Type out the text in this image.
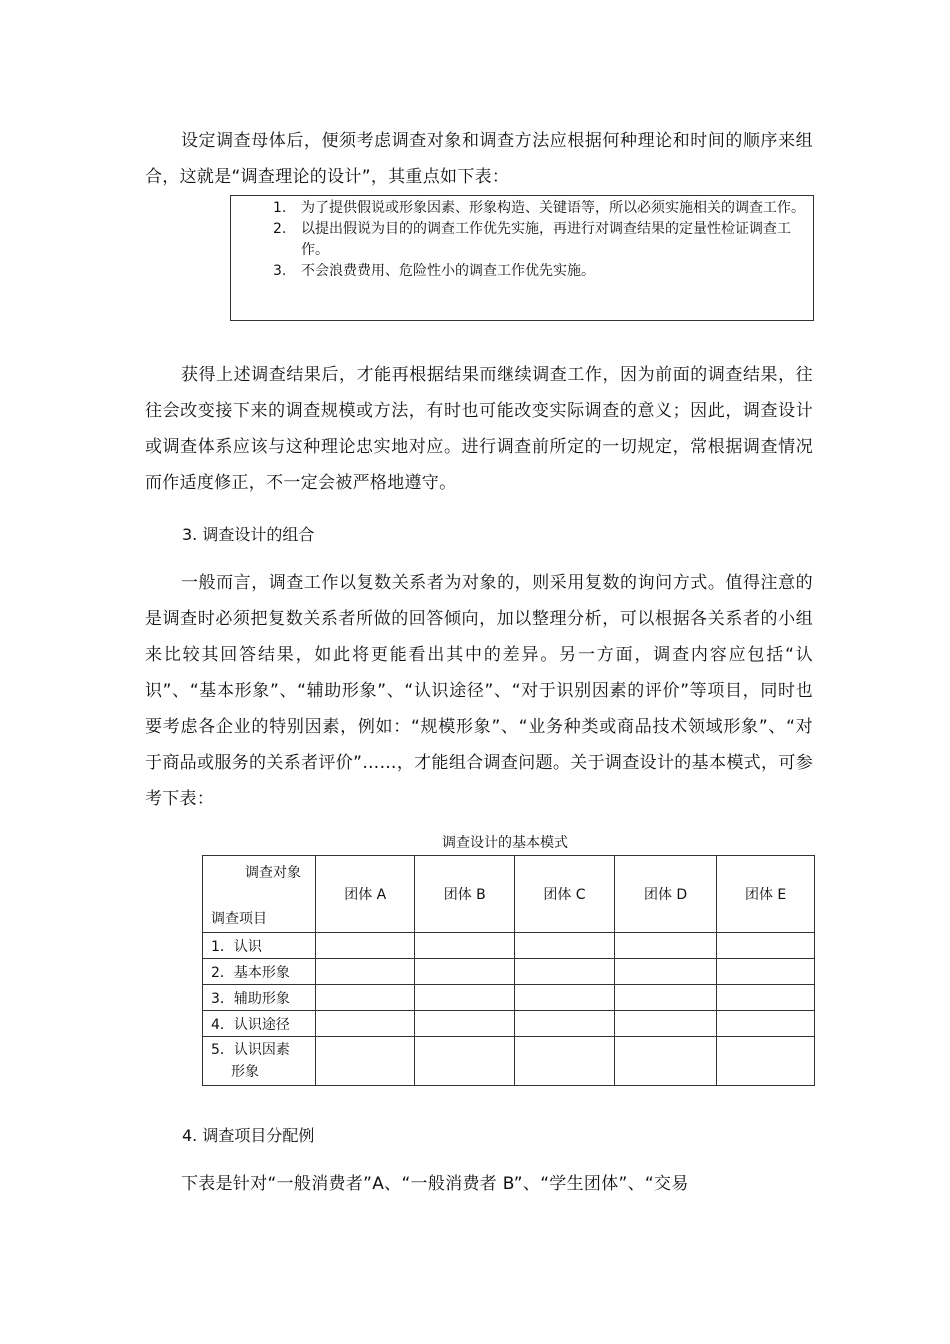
设定调查母体后，便须考虑调查对象和调查方法应根据何种理论和时间的顺序来组合，这就是“调查理论的设计”，其重点如下表：

1. 为了提供假说或形象因素、形象构造、关键语等，所以必须实施相关的调查工作。
2. 以提出假说为目的的调查工作优先实施，再进行对调查结果的定量性检证调查工作。
3. 不会浪费费用、危险性小的调查工作优先实施。

获得上述调查结果后，才能再根据结果而继续调查工作，因为前面的调查结果，往往会改变接下来的调查规模或方法，有时也可能改变实际调查的意义；因此，调查设计或调查体系应该与这种理论忠实地对应。进行调查前所定的一切规定，常根据调查情况而作适度修正，不一定会被严格地遵守。

3. 调查设计的组合

一般而言，调查工作以复数关系者为对象的，则采用复数的询问方式。值得注意的是调查时必须把复数关系者所做的回答倾向，加以整理分析，可以根据各关系者的小组来比较其回答结果，如此将更能看出其中的差异。另一方面，调查内容应包括“认识”、“基本形象”、“辅助形象”、“认识途径”、“对于识别因素的评价”等项目，同时也要考虑各企业的特别因素，例如：“规模形象”、“业务种类或商品技术领域形象”、“对于商品或服务的关系者评价”……，才能组合调查问题。关于调查设计的基本模式，可参考下表：

调查设计的基本模式
调查对象
调查项目	团体 A	团体 B	团体 C	团体 D	团体 E
1．认识					
2．基本形象					
3．辅助形象					
4．认识途径					
5．认识因素
形象					

4. 调查项目分配例

下表是针对“一般消费者”A、“一般消费者 B”、“学生团体”、“交易
